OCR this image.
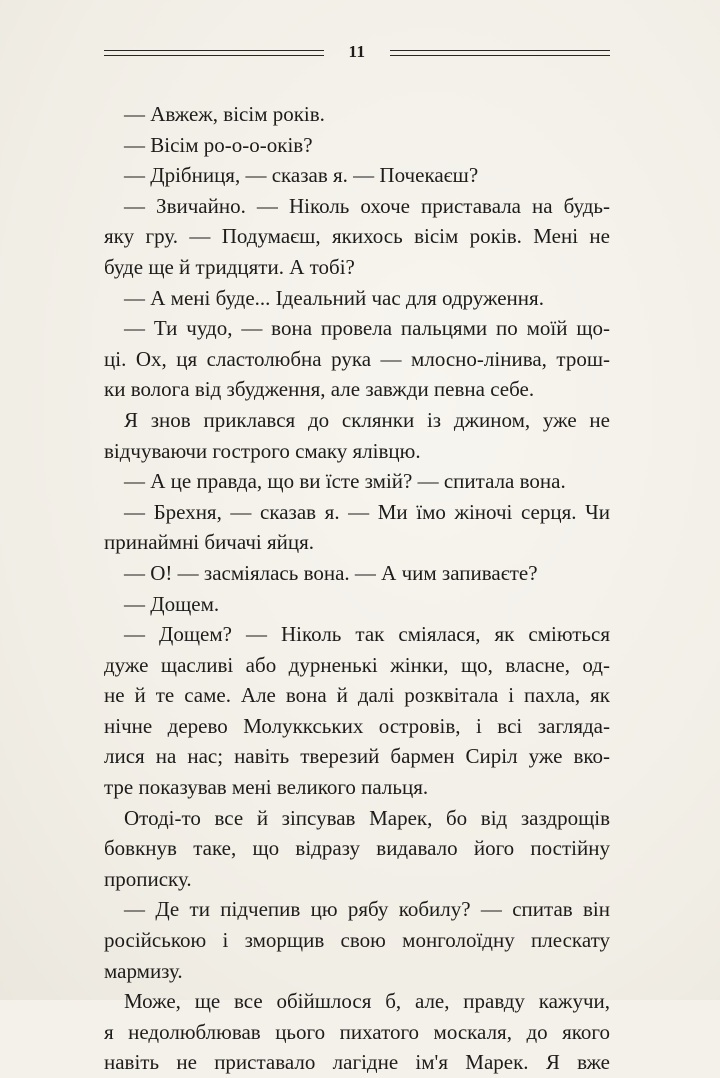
11
— Авжеж, вісім років.
— Вісім ро-о-о-оків?
— Дрібниця, — сказав я. — Почекаєш?
— Звичайно. — Ніколь охоче приставала на будь-
яку гру. — Подумаєш, якихось вісім років. Мені не
буде ще й тридцяти. А тобі?
— А мені буде... Ідеальний час для одруження.
— Ти чудо, — вона провела пальцями по моїй що-
ці. Ох, ця сластолюбна рука — млосно-лінива, трош-
ки волога від збудження, але завжди певна себе.
Я знов приклався до склянки із джином, уже не
відчуваючи гострого смаку ялівцю.
— А це правда, що ви їсте змій? — спитала вона.
— Брехня, — сказав я. — Ми їмо жіночі серця. Чи
принаймні бичачі яйця.
— О! — засміялась вона. — А чим запиваєте?
— Дощем.
— Дощем? — Ніколь так сміялася, як сміються
дуже щасливі або дурненькі жінки, що, власне, од-
не й те саме. Але вона й далі розквітала і пахла, як
нічне дерево Молуккських островів, і всі заглядa-
лися на нас; навіть тверезий бармен Сиріл уже вко-
тре показував мені великого пальця.
Отоді-то все й зіпсував Марек, бо від заздрощів
бовкнув таке, що відразу видавало його постійну
прописку.
— Де ти підчепив цю рябу кобилу? — спитав він
російською і зморщив свою монголоїдну плескату
мармизу.
Може, ще все обійшлося б, але, правду кажучи,
я недолюблював цього пихатого москаля, до якого
навіть не приставало лагідне ім'я Марек. Я вже
